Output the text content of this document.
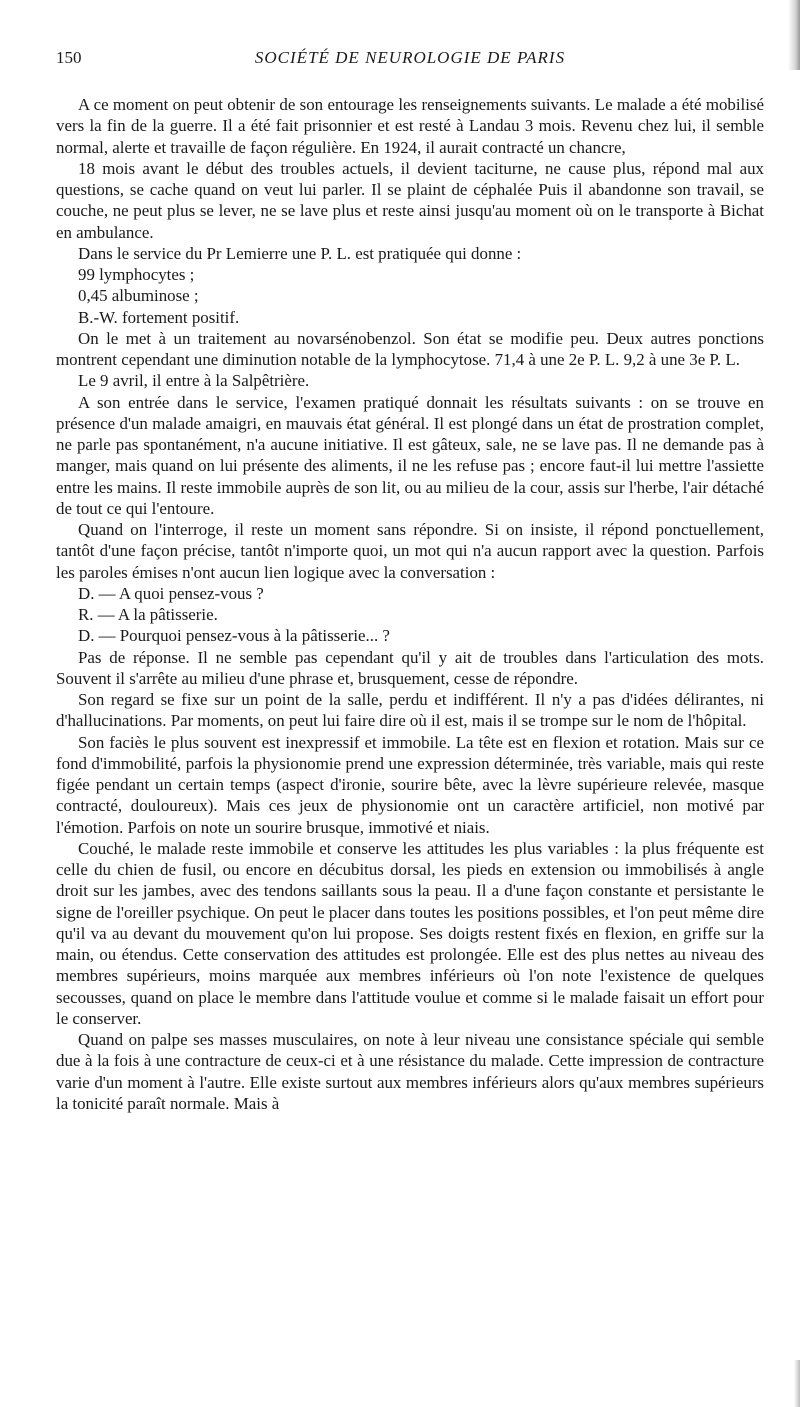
150	SOCIÉTÉ DE NEUROLOGIE DE PARIS

A ce moment on peut obtenir de son entourage les renseignements suivants. Le malade a été mobilisé vers la fin de la guerre. Il a été fait prisonnier et est resté à Landau 3 mois. Revenu chez lui, il semble normal, alerte et travaille de façon régulière. En 1924, il aurait contracté un chancre,

18 mois avant le début des troubles actuels, il devient taciturne, ne cause plus, répond mal aux questions, se cache quand on veut lui parler. Il se plaint de céphalée Puis il abandonne son travail, se couche, ne peut plus se lever, ne se lave plus et reste ainsi jusqu'au moment où on le transporte à Bichat en ambulance.

Dans le service du Pr Lemierre une P. L. est pratiquée qui donne :

99 lymphocytes ;

0,45 albuminose ;

B.-W. fortement positif.

On le met à un traitement au novarsénobenzol. Son état se modifie peu. Deux autres ponctions montrent cependant une diminution notable de la lymphocytose. 71,4 à une 2e P. L. 9,2 à une 3e P. L.

Le 9 avril, il entre à la Salpêtrière.

A son entrée dans le service, l'examen pratiqué donnait les résultats suivants : on se trouve en présence d'un malade amaigri, en mauvais état général. Il est plongé dans un état de prostration complet, ne parle pas spontanément, n'a aucune initiative. Il est gâteux, sale, ne se lave pas. Il ne demande pas à manger, mais quand on lui présente des aliments, il ne les refuse pas ; encore faut-il lui mettre l'assiette entre les mains. Il reste immobile auprès de son lit, ou au milieu de la cour, assis sur l'herbe, l'air détaché de tout ce qui l'entoure.

Quand on l'interroge, il reste un moment sans répondre. Si on insiste, il répond ponctuellement, tantôt d'une façon précise, tantôt n'importe quoi, un mot qui n'a aucun rapport avec la question. Parfois les paroles émises n'ont aucun lien logique avec la conversation :

D. — A quoi pensez-vous ?

R. — A la pâtisserie.

D. — Pourquoi pensez-vous à la pâtisserie... ?

Pas de réponse. Il ne semble pas cependant qu'il y ait de troubles dans l'articulation des mots. Souvent il s'arrête au milieu d'une phrase et, brusquement, cesse de répondre.

Son regard se fixe sur un point de la salle, perdu et indifférent. Il n'y a pas d'idées délirantes, ni d'hallucinations. Par moments, on peut lui faire dire où il est, mais il se trompe sur le nom de l'hôpital.

Son faciès le plus souvent est inexpressif et immobile. La tête est en flexion et rotation. Mais sur ce fond d'immobilité, parfois la physionomie prend une expression déterminée, très variable, mais qui reste figée pendant un certain temps (aspect d'ironie, sourire bête, avec la lèvre supérieure relevée, masque contracté, douloureux). Mais ces jeux de physionomie ont un caractère artificiel, non motivé par l'émotion. Parfois on note un sourire brusque, immotivé et niais.

Couché, le malade reste immobile et conserve les attitudes les plus variables : la plus fréquente est celle du chien de fusil, ou encore en décubitus dorsal, les pieds en extension ou immobilisés à angle droit sur les jambes, avec des tendons saillants sous la peau. Il a d'une façon constante et persistante le signe de l'oreiller psychique. On peut le placer dans toutes les positions possibles, et l'on peut même dire qu'il va au devant du mouvement qu'on lui propose. Ses doigts restent fixés en flexion, en griffe sur la main, ou étendus. Cette conservation des attitudes est prolongée. Elle est des plus nettes au niveau des membres supérieurs, moins marquée aux membres inférieurs où l'on note l'existence de quelques secousses, quand on place le membre dans l'attitude voulue et comme si le malade faisait un effort pour le conserver.

Quand on palpe ses masses musculaires, on note à leur niveau une consistance spéciale qui semble due à la fois à une contracture de ceux-ci et à une résistance du malade. Cette impression de contracture varie d'un moment à l'autre. Elle existe surtout aux membres inférieurs alors qu'aux membres supérieurs la tonicité paraît normale. Mais à
